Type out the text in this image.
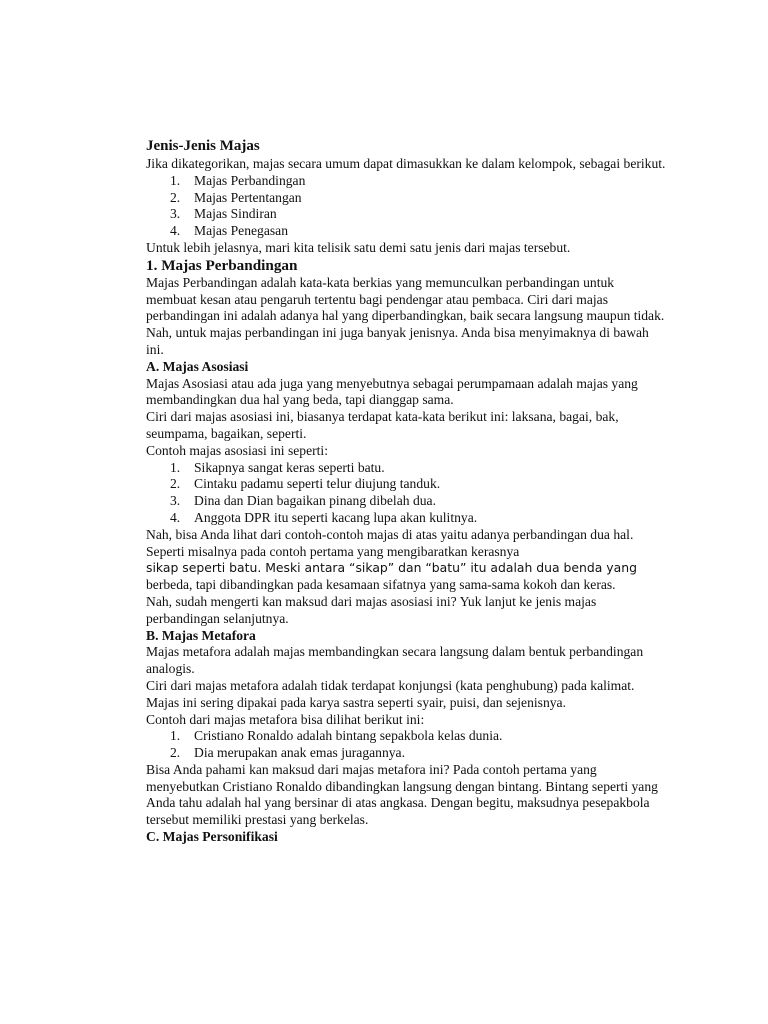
Jenis-Jenis Majas

Jika dikategorikan, majas secara umum dapat dimasukkan ke dalam kelompok, sebagai berikut.

1. Majas Perbandingan
2. Majas Pertentangan
3. Majas Sindiran
4. Majas Penegasan

Untuk lebih jelasnya, mari kita telisik satu demi satu jenis dari majas tersebut.

1. Majas Perbandingan

Majas Perbandingan adalah kata-kata berkias yang memunculkan perbandingan untuk membuat kesan atau pengaruh tertentu bagi pendengar atau pembaca. Ciri dari majas perbandingan ini adalah adanya hal yang diperbandingkan, baik secara langsung maupun tidak.

Nah, untuk majas perbandingan ini juga banyak jenisnya. Anda bisa menyimaknya di bawah ini.

A. Majas Asosiasi

Majas Asosiasi atau ada juga yang menyebutnya sebagai perumpamaan adalah majas yang membandingkan dua hal yang beda, tapi dianggap sama.

Ciri dari majas asosiasi ini, biasanya terdapat kata-kata berikut ini: laksana, bagai, bak, seumpama, bagaikan, seperti.

Contoh majas asosiasi ini seperti:

1. Sikapnya sangat keras seperti batu.
2. Cintaku padamu seperti telur diujung tanduk.
3. Dina dan Dian bagaikan pinang dibelah dua.
4. Anggota DPR itu seperti kacang lupa akan kulitnya.

Nah, bisa Anda lihat dari contoh-contoh majas di atas yaitu adanya perbandingan dua hal. Seperti misalnya pada contoh pertama yang mengibaratkan kerasnya

sikap seperti batu. Meski antara “sikap” dan “batu” itu adalah dua benda yang

berbeda, tapi dibandingkan pada kesamaan sifatnya yang sama-sama kokoh dan keras.

Nah, sudah mengerti kan maksud dari majas asosiasi ini? Yuk lanjut ke jenis majas perbandingan selanjutnya.

B. Majas Metafora

Majas metafora adalah majas membandingkan secara langsung dalam bentuk perbandingan analogis.

Ciri dari majas metafora adalah tidak terdapat konjungsi (kata penghubung) pada kalimat. Majas ini sering dipakai pada karya sastra seperti syair, puisi, dan sejenisnya.

Contoh dari majas metafora bisa dilihat berikut ini:

1. Cristiano Ronaldo adalah bintang sepakbola kelas dunia.
2. Dia merupakan anak emas juragannya.

Bisa Anda pahami kan maksud dari majas metafora ini? Pada contoh pertama yang menyebutkan Cristiano Ronaldo dibandingkan langsung dengan bintang. Bintang seperti yang Anda tahu adalah hal yang bersinar di atas angkasa. Dengan begitu, maksudnya pesepakbola tersebut memiliki prestasi yang berkelas.

C. Majas Personifikasi
